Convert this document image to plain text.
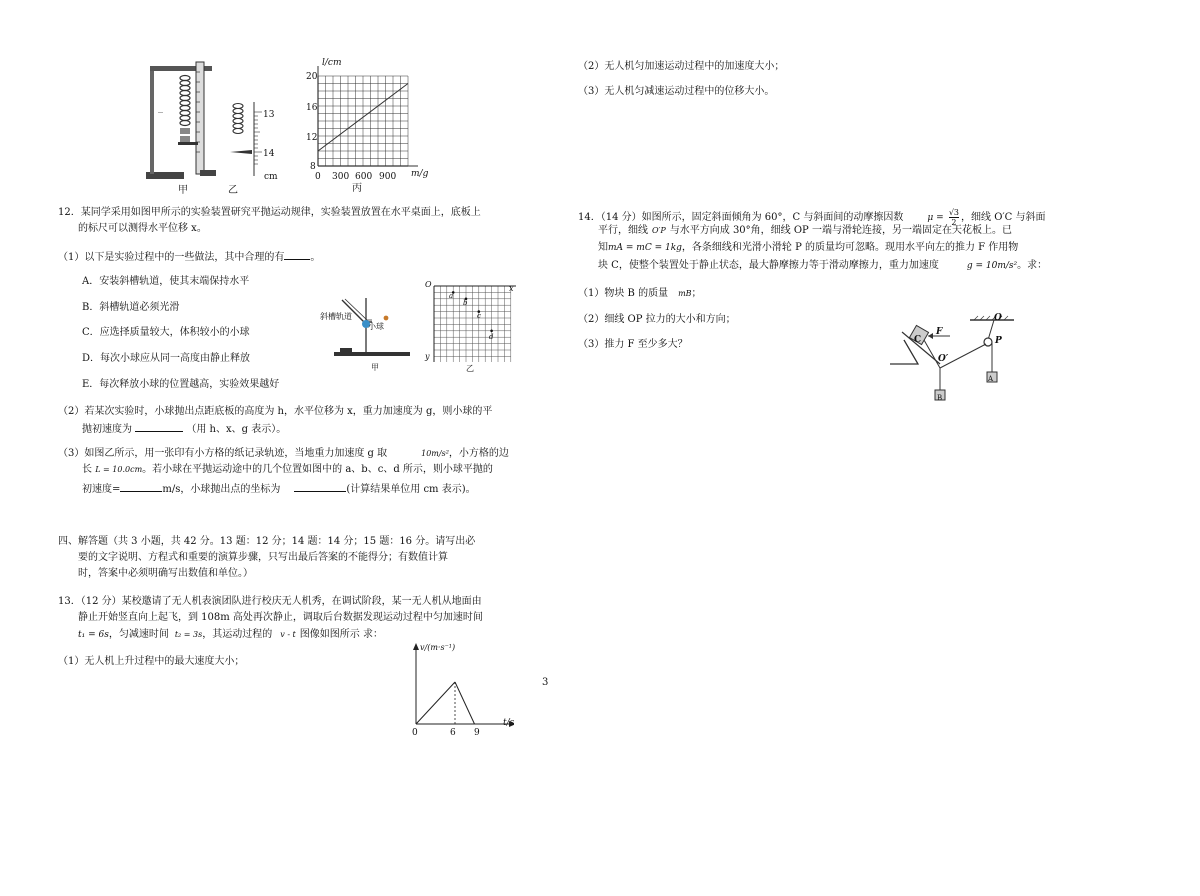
—
甲
13
14
cm
乙
l/cm
m/g
20
16
12
8
0 300 600 900
丙
12．某同学采用如图甲所示的实验装置研究平抛运动规律，实验装置放置在水平桌面上，底板上
的标尺可以测得水平位移 x。
（1）以下是实验过程中的一些做法，其中合理的有	。
A．安装斜槽轨道，使其末端保持水平
B．斜槽轨道必须光滑
C．应选择质量较大，体积较小的小球
D．每次小球应从同一高度由静止释放
E．每次释放小球的位置越高，实验效果越好
斜槽轨道
小球
甲
O	x
y
a
b
c
d
乙
（2）若某次实验时，小球抛出点距底板的高度为 h，水平位移为 x，重力加速度为 g，则小球的平
抛初速度为	（用 h、x、g 表示）。
（3）如图乙所示，用一张印有小方格的纸记录轨迹，当地重力加速度 g 取	10m/s²，小方格的边
长 L = 10.0cm。若小球在平抛运动途中的几个位置如图中的 a、b、c、d 所示，则小球平抛的
初速度=	m/s，小球抛出点的坐标为	(计算结果单位用 cm 表示)。
四、解答题（共 3 小题，共 42 分。13 题：12 分；14 题：14 分；15 题：16 分。请写出必
要的文字说明、方程式和重要的演算步骤，只写出最后答案的不能得分；有数值计算
时，答案中必须明确写出数值和单位。）
13．（12 分）某校邀请了无人机表演团队进行校庆无人机秀，在调试阶段，某一无人机从地面由
静止开始竖直向上起飞，到 108m 高处再次静止，调取后台数据发现运动过程中匀加速时间
t₁ = 6s，匀减速时间 t₂ = 3s，其运动过程的 v - t 图像如图所示 求：
（1）无人机上升过程中的最大速度大小；
v/(m·s⁻¹)
t/s
0	6 9
3
（2）无人机匀加速运动过程中的加速度大小；
（3）无人机匀减速运动过程中的位移大小。
14．（14 分）如图所示，固定斜面倾角为 60°，C 与斜面间的动摩擦因数	$\mu = \frac{√3}{2}$ ，细线 O′C 与斜面
平行，细线 O′P 与水平方向成 30°角，细线 OP 一端与滑轮连接，另一端固定在天花板上。已
知mA = mC = 1kg，各条细线和光滑小滑轮 P 的质量均可忽略。现用水平向左的推力 F 作用物
块 C，使整个装置处于静止状态，最大静摩擦力等于滑动摩擦力，重力加速度	g = 10m/s²。求：
（1）物块 B 的质量 mB；
（2）细线 OP 拉力的大小和方向；
（3）推力 F 至少多大？	C
F
O
O′
P
A
B
